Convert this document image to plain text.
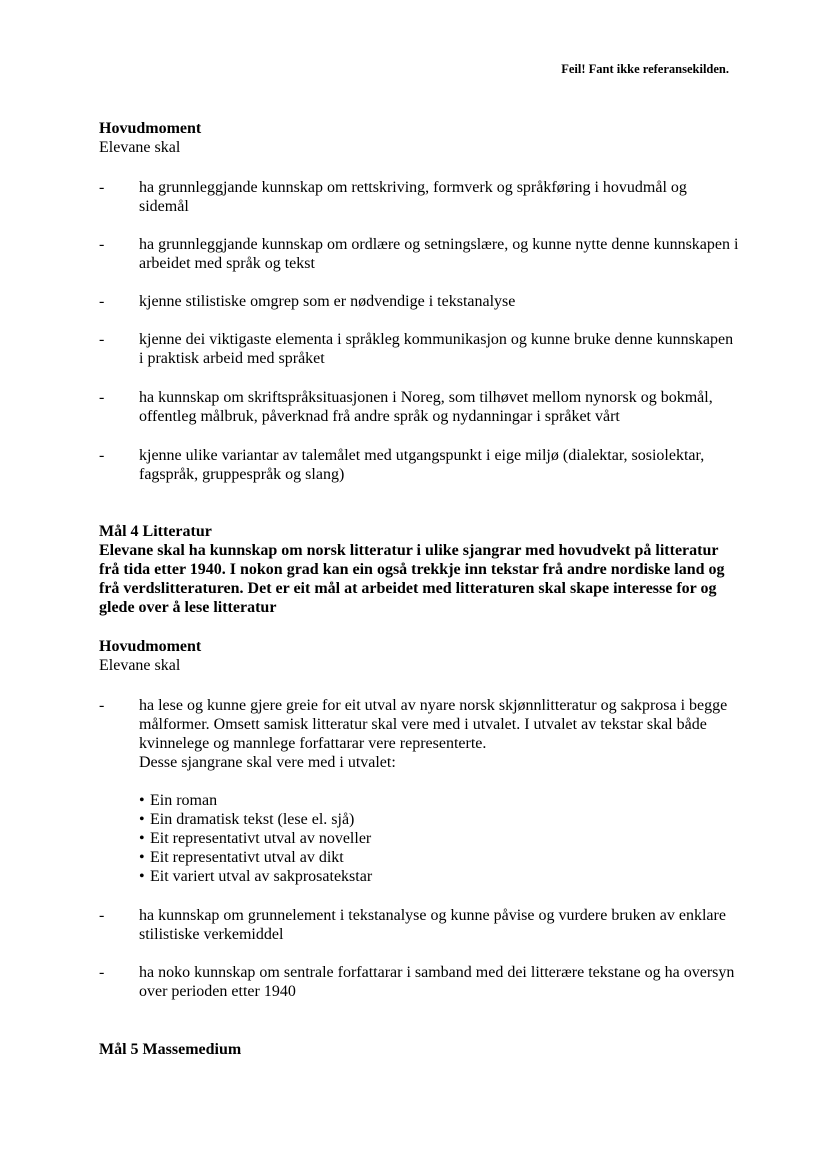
Feil! Fant ikke referansekilden.
Hovudmoment
Elevane skal
-	ha grunnleggjande kunnskap om rettskriving, formverk og språkføring i hovudmål og sidemål
-	ha grunnleggjande kunnskap om ordlære og setningslære, og kunne nytte denne kunnskapen i arbeidet med språk og tekst
-	kjenne stilistiske omgrep som er nødvendige i tekstanalyse
-	kjenne dei viktigaste elementa i språkleg kommunikasjon og kunne bruke denne kunnskapen i praktisk arbeid med språket
-	ha kunnskap om skriftspråksituasjonen i Noreg, som tilhøvet mellom nynorsk og bokmål, offentleg målbruk, påverknad frå andre språk og nydanningar i språket vårt
-	kjenne ulike variantar av talemålet med utgangspunkt i eige miljø (dialektar, sosiolektar, fagspråk, gruppespråk og slang)
Mål 4 Litteratur
Elevane skal ha kunnskap om norsk litteratur i ulike sjangrar med hovudvekt på litteratur frå tida etter 1940. I nokon grad kan ein også trekkje inn tekstar frå andre nordiske land og frå verdslitteraturen. Det er eit mål at arbeidet med litteraturen skal skape interesse for og glede over å lese litteratur
Hovudmoment
Elevane skal
-	ha lese og kunne gjere greie for eit utval av nyare norsk skjønnlitteratur og sakprosa i begge målformer. Omsett samisk litteratur skal vere med i utvalet. I utvalet av tekstar skal både kvinnelege og mannlege forfattarar vere representerte.
Desse sjangrane skal vere med i utvalet:
• Ein roman
• Ein dramatisk tekst (lese el. sjå)
• Eit representativt utval av noveller
• Eit representativt utval av dikt
• Eit variert utval av sakprosatekstar
-	ha kunnskap om grunnelement i tekstanalyse og kunne påvise og vurdere bruken av enklare stilistiske verkemiddel
-	ha noko kunnskap om sentrale forfattarar i samband med dei litterære tekstane og ha oversyn over perioden etter 1940
Mål 5 Massemedium
